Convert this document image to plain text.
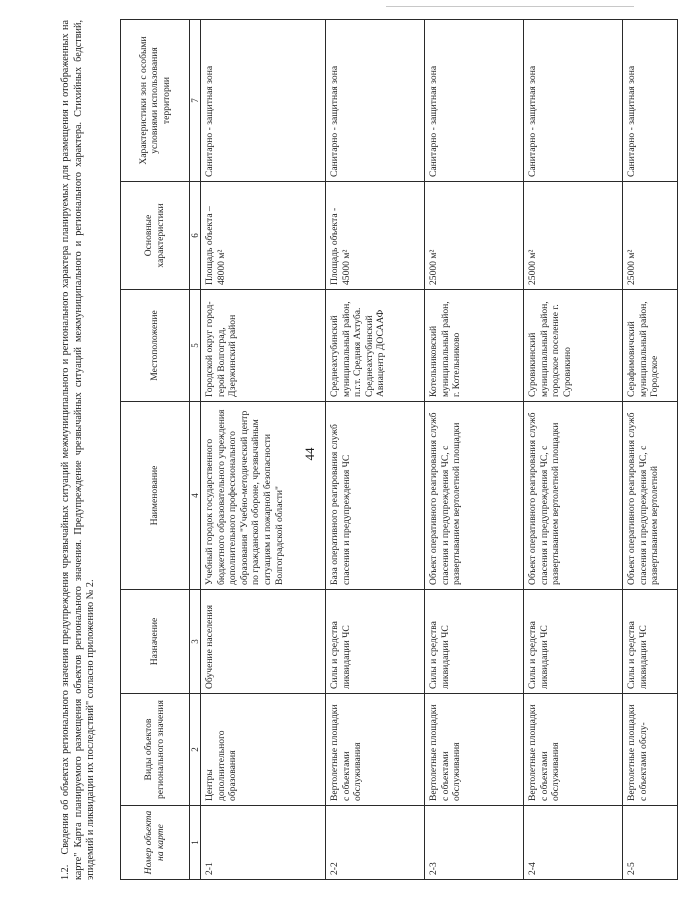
44
1.2. Сведения об объектах регионального значения предупреждения чрезвычайных ситуаций межмуниципального и регионального характера планируемых для размещения и отображенных на карте" Карта планируемого размещения объектов регионального значения. Предупреждение чрезвычайных ситуаций межмуниципального и регионального характера. Стихийных бедствий, эпидемий и ликвидации их последствий" согласно приложению № 2.	Номер объекта на карте	Виды объектов регионального значения	Назначение	Наименование	Местоположение	Основные характеристики	Характеристики зон с особыми условиями использования территории
1	2	3	4	5	6	7
2-1	Центры дополнительного образования	Обучение населения	Учебный городок государственного бюджетного образовательного учреждения дополнительного профессионального образования "Учебно-методический центр по гражданской обороне, чрезвычайным ситуациям и пожарной безопасности Волгоградской области"	Городской округ город-герой Волгоград, Дзержинский район	Площадь объекта – 48000 м²	Санитарно - защитная зона
2-2	Вертолетные площадки с объектами обслуживания	Силы и средства ликвидации ЧС	База оперативного реагирования служб спасения и предупреждения ЧС	Среднеахтубинский муниципальный район, п.г.т. Средняя Ахтуба. Среднеахтубинский Авиацентр ДОСААФ	Площадь объекта - 45000 м²	Санитарно - защитная зона
2-3	Вертолетные площадки с объектами обслуживания	Силы и средства ликвидации ЧС	Объект оперативного реагирования служб спасения и предупреждения ЧС, с развертыванием вертолетной площадки	Котельниковский муниципальный район, г. Котельниково	25000 м²	Санитарно - защитная зона
2-4	Вертолетные площадки с объектами обслуживания	Силы и средства ликвидации ЧС	Объект оперативного реагирования служб спасения и предупреждения ЧС, с развертыванием вертолетной площадки	Суровикинский муниципальный район, городское поселение г. Суровикино	25000 м²	Санитарно - защитная зона
2-5	Вертолетные площадки с объектами обслу-	Силы и средства ликвидации ЧС	Объект оперативного реагирования служб спасения и предупреждения ЧС, с развертыванием вертолетной	Серафимовичский муниципальный район, Городское	25000 м²	Санитарно - защитная зона
